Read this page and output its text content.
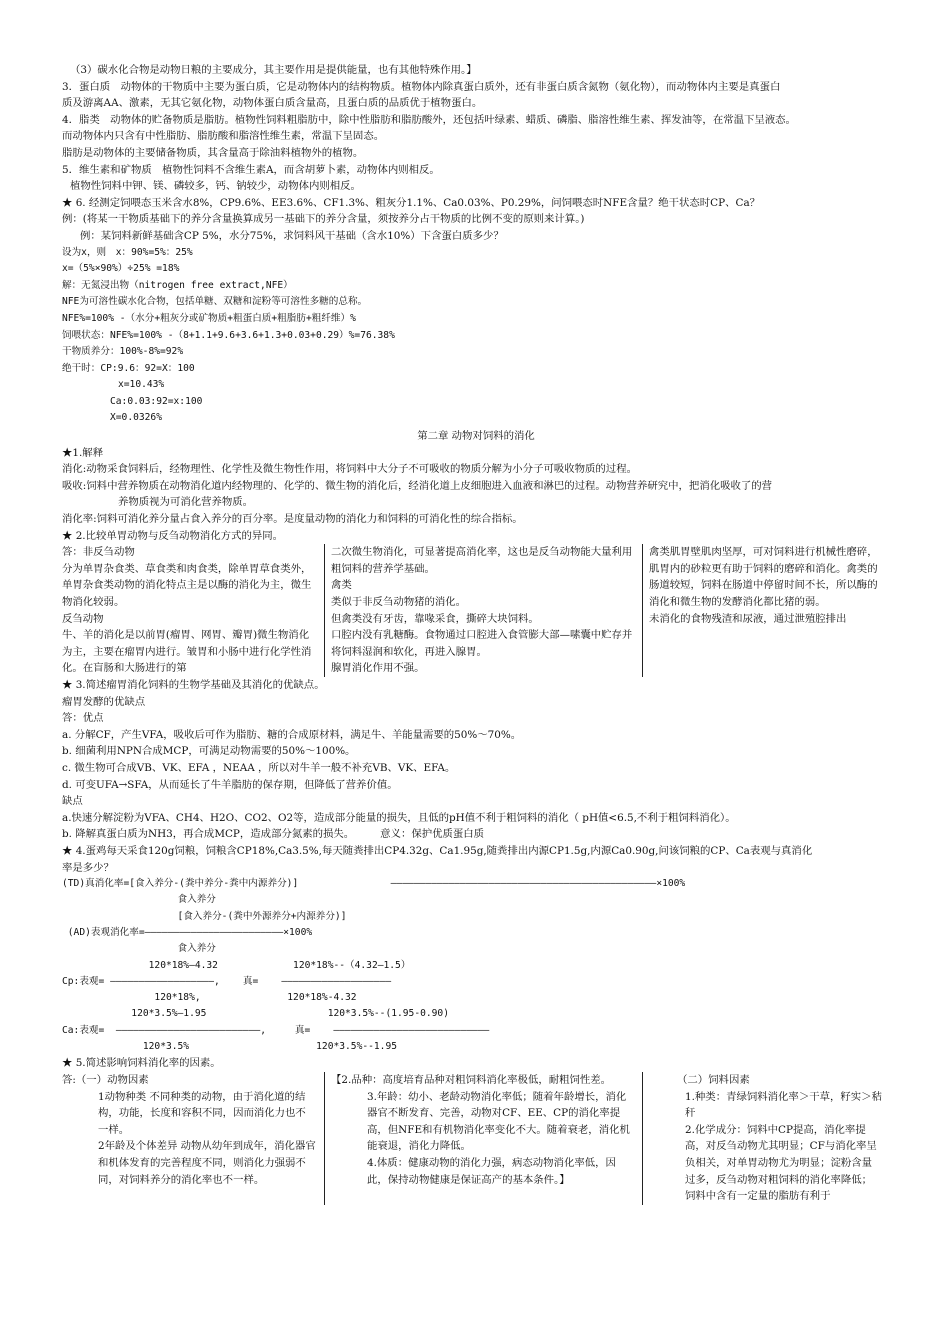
（3）碳水化合物是动物日粮的主要成分，其主要作用是提供能量，也有其他特殊作用。】
3．蛋白质　动物体的干物质中主要为蛋白质，它是动物体内的结构物质。植物体内除真蛋白质外，还有非蛋白质含氮物（氨化物），而动物体内主要是真蛋白
质及游离AA、激素，无其它氨化物，动物体蛋白质含量高，且蛋白质的品质优于植物蛋白。
4．脂类　动物体的贮备物质是脂肪。植物性饲料粗脂肪中，除中性脂肪和脂肪酸外，还包括叶绿素、蜡质、磷脂、脂溶性维生素、挥发油等，在常温下呈液态。
而动物体内只含有中性脂肪、脂肪酸和脂溶性维生素，常温下呈固态。
脂肪是动物体的主要储备物质，其含量高于除油料植物外的植物。
5．维生素和矿物质　植物性饲料不含维生素A，而含胡萝卜素，动物体内则相反。
植物性饲料中钾、镁、磷较多，钙、钠较少，动物体内则相反。
★ 6. 经测定饲喂态玉米含水8%，CP9.6%、EE3.6%、CF1.3%、粗灰分1.1%、Ca0.03%、P0.29%，问饲喂态时NFE含量？绝干状态时CP、Ca？
例：(将某一干物质基础下的养分含量换算成另一基础下的养分含量，须按养分占干物质的比例不变的原则来计算。)
例：某饲料新鲜基础含CP 5%，水分75%，求饲料风干基础（含水10%）下含蛋白质多少？
设为x，则　x：90%=5%：25%
x=（5%×90%）÷25% =18%
解：无氮浸出物（nitrogen free extract,NFE）
NFE为可溶性碳水化合物，包括单糖、双糖和淀粉等可溶性多糖的总称。
NFE%=100% -（水分+粗灰分或矿物质+粗蛋白质+粗脂肪+粗纤维）%
饲喂状态：NFE%=100% -（8+1.1+9.6+3.6+1.3+0.03+0.29）%=76.38%
干物质养分：100%-8%=92%
绝干时：CP:9.6：92=X：100
x=10.43%
Ca:0.03:92=x:100
X=0.0326%
第二章 动物对饲料的消化
★1.解释
消化:动物采食饲料后，经物理性、化学性及微生物性作用，将饲料中大分子不可吸收的物质分解为小分子可吸收物质的过程。
吸收:饲料中营养物质在动物消化道内经物理的、化学的、微生物的消化后，经消化道上皮细胞进入血液和淋巴的过程。动物营养研究中，把消化吸收了的营
养物质视为可消化营养物质。
消化率:饲料可消化养分量占食入养分的百分率。是度量动物的消化力和饲料的可消化性的综合指标。
★ 2.比较单胃动物与反刍动物消化方式的异同。
答：非反刍动物
分为单胃杂食类、草食类和肉食类，除单胃草食类外，单胃杂食类动物的消化特点主是以酶的消化为主，微生物消化较弱。
反刍动物
牛、羊的消化是以前胃(瘤胃、网胃、瓣胃)微生物消化为主，主要在瘤胃内进行。皱胃和小肠中进行化学性消化。在盲肠和大肠进行的第
二次微生物消化，可显著提高消化率，这也是反刍动物能大量利用粗饲料的营养学基础。
禽类
类似于非反刍动物猪的消化。
但禽类没有牙齿，靠喙采食，撕碎大块饲料。
口腔内没有乳糖酶。食物通过口腔进入食管膨大部—嗉囊中贮存并将饲料湿润和软化，再进入腺胃。
腺胃消化作用不强。
禽类肌胃壁肌肉坚厚，可对饲料进行机械性磨碎，肌胃内的砂粒更有助于饲料的磨碎和消化。禽类的肠道较短，饲料在肠道中停留时间不长，所以酶的消化和微生物的发酵消化都比猪的弱。
未消化的食物残渣和尿液，通过泄殖腔排出
★ 3.简述瘤胃消化饲料的生物学基础及其消化的优缺点。
瘤胃发酵的优缺点
答：优点
a. 分解CF，产生VFA，吸收后可作为脂肪、糖的合成原材料，满足牛、羊能量需要的50%～70%。
b. 细菌利用NPN合成MCP，可满足动物需要的50%～100%。
c. 微生物可合成VB、VK、EFA ，NEAA ，所以对牛羊一般不补充VB、VK、EFA。
d. 可变UFA→SFA，从而延长了牛羊脂肪的保存期，但降低了营养价值。
缺点
a.快速分解淀粉为VFA、CH4、H2O、CO2、O2等，造成部分能量的损失，且低的pH值不利于粗饲料的消化（ pH值<6.5,不利于粗饲料消化）。
b. 降解真蛋白质为NH3，再合成MCP，造成部分氮素的损失。　　　意义：保护优质蛋白质
★ 4.蛋鸡每天采食120g饲粮，饲粮含CP18%,Ca3.5%,每天随粪排出CP4.32g、Ca1.95g,随粪排出内源CP1.5g,内源Ca0.90g,问该饲粮的CP、Ca表观与真消化
率是多少？
(TD)真消化率=[食入养分-(粪中养分-粪中内源养分)]                ——————————————————————————————————————————————×100%
食入养分
[食入养分-(粪中外源养分+内源养分)]
(AD)表观消化率=————————————————————————×100%
食入养分
120*18%—4.32             120*18%--（4.32—1.5）
Cp:表观= ——————————————————,    真=    ———————————————————
120*18%,               120*18%-4.32
120*3.5%—1.95                     120*3.5%--(1.95-0.90)
Ca:表观=  —————————————————————————,     真=    ———————————————————————————
120*3.5%                      120*3.5%--1.95
★ 5.简述影响饲料消化率的因素。
答:（一）动物因素
1动物种类 不同种类的动物，由于消化道的结构，功能，长度和容积不同，因而消化力也不一样。
2年龄及个体差异 动物从幼年到成年，消化器官和机体发育的完善程度不同，则消化力强弱不同，对饲料养分的消化率也不一样。
【2.品种：高度培育品种对粗饲料消化率极低，耐粗饲性差。
3.年龄：幼小、老龄动物消化率低；随着年龄增长，消化器官不断发育、完善，动物对CF、EE、CP的消化率提高，但NFE和有机物消化率变化不大。随着衰老，消化机能衰退，消化力降低。
4.体质：健康动物的消化力强，病态动物消化率低，因此，保持动物健康是保证高产的基本条件。】
（二）饲料因素
1.种类：青绿饲料消化率＞干草，籽实＞秸秆
2.化学成分：饲料中CP提高，消化率提高，对反刍动物尤其明显；CF与消化率呈负相关，对单胃动物尤为明显；淀粉含量过多，反刍动物对粗饲料的消化率降低；饲料中含有一定量的脂肪有利于
